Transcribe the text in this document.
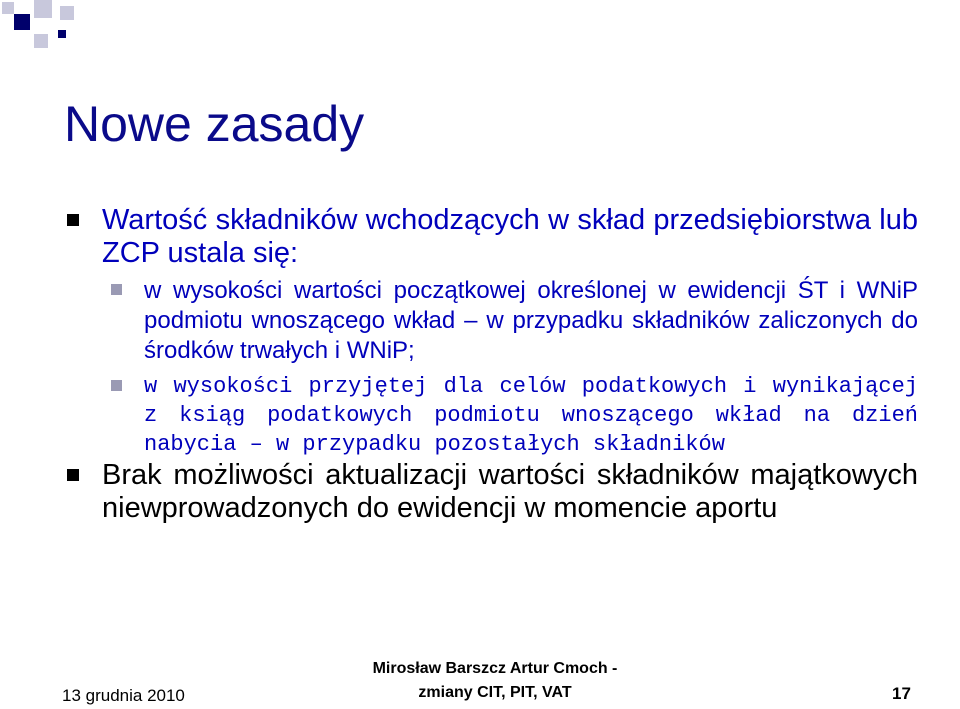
Nowe zasady
Wartość składników wchodzących w skład przedsiębiorstwa lub ZCP ustala się:
w wysokości wartości początkowej określonej w ewidencji ŚT i WNiP podmiotu wnoszącego wkład – w przypadku składników zaliczonych do środków trwałych i WNiP;
w wysokości przyjętej dla celów podatkowych i wynikającej z ksiąg podatkowych podmiotu wnoszącego wkład na dzień nabycia – w przypadku pozostałych składników
Brak możliwości aktualizacji wartości składników majątkowych niewprowadzonych do ewidencji w momencie aportu
13 grudnia 2010
Mirosław Barszcz Artur Cmoch -
zmiany CIT, PIT, VAT	17
